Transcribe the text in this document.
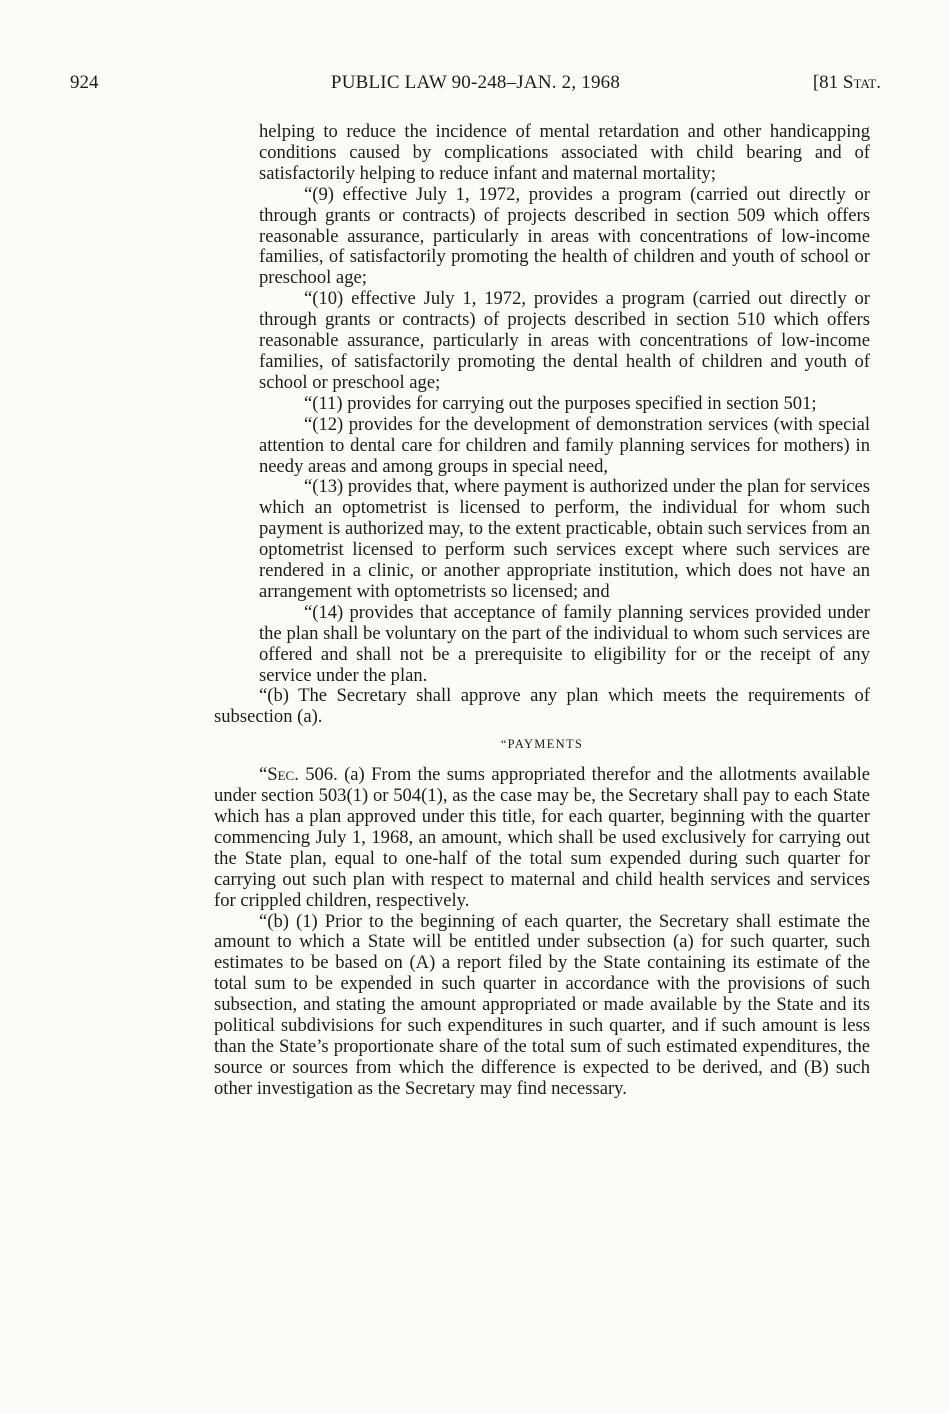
924	PUBLIC LAW 90-248–JAN. 2, 1968	[81 Stat.

helping to reduce the incidence of mental retardation and other handicapping conditions caused by complications associated with child bearing and of satisfactorily helping to reduce infant and maternal mortality;

“(9) effective July 1, 1972, provides a program (carried out directly or through grants or contracts) of projects described in section 509 which offers reasonable assurance, particularly in areas with concentrations of low-income families, of satisfactorily promoting the health of children and youth of school or preschool age;

“(10) effective July 1, 1972, provides a program (carried out directly or through grants or contracts) of projects described in section 510 which offers reasonable assurance, particularly in areas with concentrations of low-income families, of satisfactorily promoting the dental health of children and youth of school or preschool age;

“(11) provides for carrying out the purposes specified in section 501;

“(12) provides for the development of demonstration services (with special attention to dental care for children and family planning services for mothers) in needy areas and among groups in special need,

“(13) provides that, where payment is authorized under the plan for services which an optometrist is licensed to perform, the individual for whom such payment is authorized may, to the extent practicable, obtain such services from an optometrist licensed to perform such services except where such services are rendered in a clinic, or another appropriate institution, which does not have an arrangement with optometrists so licensed; and

“(14) provides that acceptance of family planning services provided under the plan shall be voluntary on the part of the individual to whom such services are offered and shall not be a prerequisite to eligibility for or the receipt of any service under the plan.

“(b) The Secretary shall approve any plan which meets the requirements of subsection (a).

“PAYMENTS

“Sec. 506. (a) From the sums appropriated therefor and the allotments available under section 503(1) or 504(1), as the case may be, the Secretary shall pay to each State which has a plan approved under this title, for each quarter, beginning with the quarter commencing July 1, 1968, an amount, which shall be used exclusively for carrying out the State plan, equal to one-half of the total sum expended during such quarter for carrying out such plan with respect to maternal and child health services and services for crippled children, respectively.

“(b) (1) Prior to the beginning of each quarter, the Secretary shall estimate the amount to which a State will be entitled under subsection (a) for such quarter, such estimates to be based on (A) a report filed by the State containing its estimate of the total sum to be expended in such quarter in accordance with the provisions of such subsection, and stating the amount appropriated or made available by the State and its political subdivisions for such expenditures in such quarter, and if such amount is less than the State’s proportionate share of the total sum of such estimated expenditures, the source or sources from which the difference is expected to be derived, and (B) such other investigation as the Secretary may find necessary.
